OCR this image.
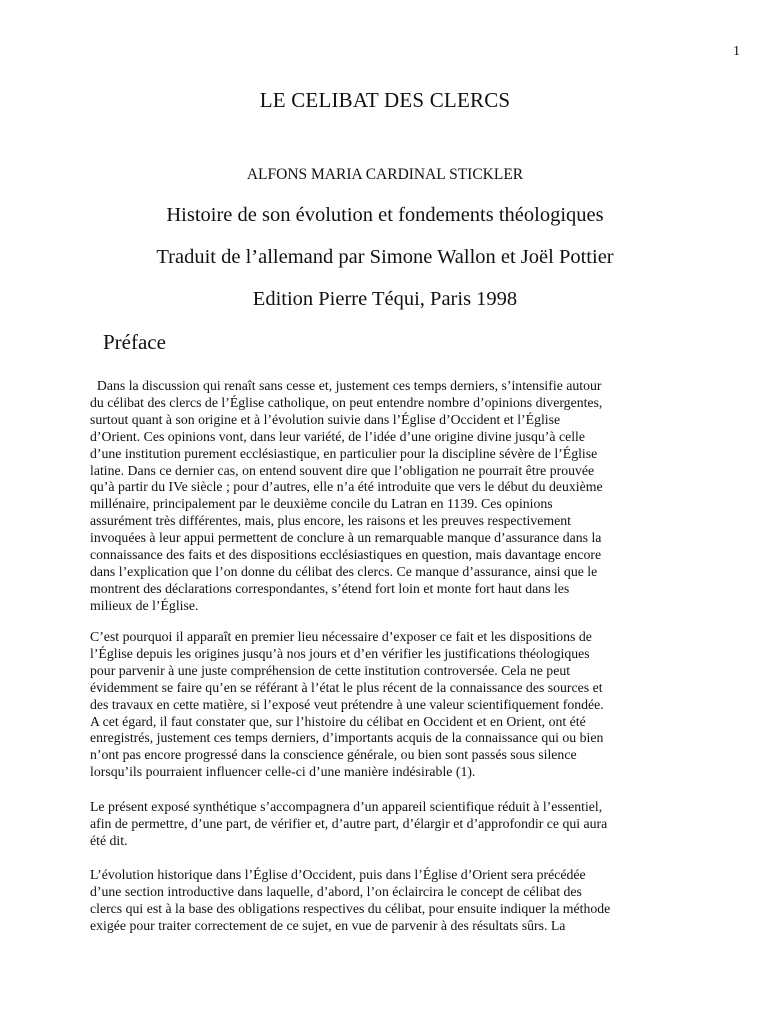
1
LE CELIBAT DES CLERCS
ALFONS MARIA CARDINAL STICKLER
Histoire de son évolution et fondements théologiques
Traduit de l’allemand par Simone Wallon et Joël Pottier
Edition Pierre Téqui, Paris 1998
Préface
Dans la discussion qui renaît sans cesse et, justement ces temps derniers, s’intensifie autour
du célibat des clercs de l’Église catholique, on peut entendre nombre d’opinions divergentes,
surtout quant à son origine et à l’évolution suivie dans l’Église d’Occident et l’Église
d’Orient. Ces opinions vont, dans leur variété, de l’idée d’une origine divine jusqu’à celle
d’une institution purement ecclésiastique, en particulier pour la discipline sévère de l’Église
latine. Dans ce dernier cas, on entend souvent dire que l’obligation ne pourrait être prouvée
qu’à partir du IVe siècle ; pour d’autres, elle n’a été introduite que vers le début du deuxième
millénaire, principalement par le deuxième concile du Latran en 1139. Ces opinions
assurément très différentes, mais, plus encore, les raisons et les preuves respectivement
invoquées à leur appui permettent de conclure à un remarquable manque d’assurance dans la
connaissance des faits et des dispositions ecclésiastiques en question, mais davantage encore
dans l’explication que l’on donne du célibat des clercs. Ce manque d’assurance, ainsi que le
montrent des déclarations correspondantes, s’étend fort loin et monte fort haut dans les
milieux de l’Église.
C’est pourquoi il apparaît en premier lieu nécessaire d’exposer ce fait et les dispositions de
l’Église depuis les origines jusqu’à nos jours et d’en vérifier les justifications théologiques
pour parvenir à une juste compréhension de cette institution controversée. Cela ne peut
évidemment se faire qu’en se référant à l’état le plus récent de la connaissance des sources et
des travaux en cette matière, si l’exposé veut prétendre à une valeur scientifiquement fondée.
A cet égard, il faut constater que, sur l’histoire du célibat en Occident et en Orient, ont été
enregistrés, justement ces temps derniers, d’importants acquis de la connaissance qui ou bien
n’ont pas encore progressé dans la conscience générale, ou bien sont passés sous silence
lorsqu’ils pourraient influencer celle-ci d’une manière indésirable (1).
Le présent exposé synthétique s’accompagnera d’un appareil scientifique réduit à l’essentiel,
afin de permettre, d’une part, de vérifier et, d’autre part, d’élargir et d’approfondir ce qui aura
été dit.
L’évolution historique dans l’Église d’Occident, puis dans l’Église d’Orient sera précédée
d’une section introductive dans laquelle, d’abord, l’on éclaircira le concept de célibat des
clercs qui est à la base des obligations respectives du célibat, pour ensuite indiquer la méthode
exigée pour traiter correctement de ce sujet, en vue de parvenir à des résultats sûrs. La
